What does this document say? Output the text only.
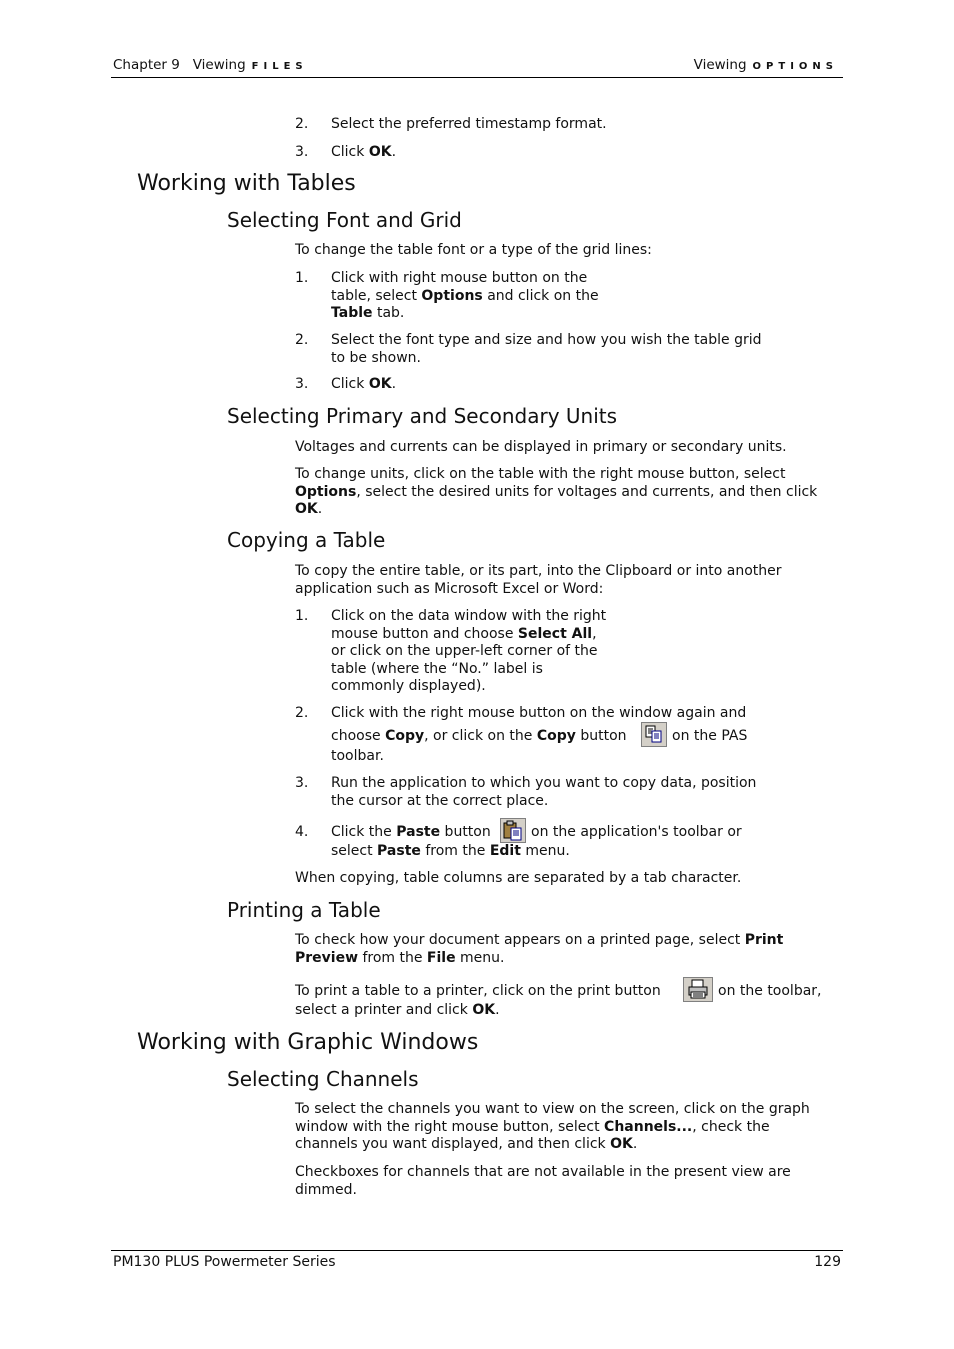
Chapter 9 Viewing FILES	Viewing OPTIONS
2. Select the preferred timestamp format.
3. Click OK.
Working with Tables
Selecting Font and Grid
To change the table font or a type of the grid lines:
1. Click with right mouse button on the
table, select Options and click on the
Table tab.
2. Select the font type and size and how you wish the table grid
to be shown.
3. Click OK.
Selecting Primary and Secondary Units
Voltages and currents can be displayed in primary or secondary units.
To change units, click on the table with the right mouse button, select
Options, select the desired units for voltages and currents, and then click
OK.
Copying a Table
To copy the entire table, or its part, into the Clipboard or into another
application such as Microsoft Excel or Word:
1. Click on the data window with the right
mouse button and choose Select All,
or click on the upper-left corner of the
table (where the “No.” label is
commonly displayed).
2. Click with the right mouse button on the window again and
choose Copy, or click on the Copy button	on the PAS
toolbar.
3. Run the application to which you want to copy data, position
the cursor at the correct place.
4. Click the Paste button	on the application's toolbar or
select Paste from the Edit menu.
When copying, table columns are separated by a tab character.
Printing a Table
To check how your document appears on a printed page, select Print
Preview from the File menu.
To print a table to a printer, click on the print button	on the toolbar,
select a printer and click OK.
Working with Graphic Windows
Selecting Channels
To select the channels you want to view on the screen, click on the graph
window with the right mouse button, select Channels..., check the
channels you want displayed, and then click OK.
Checkboxes for channels that are not available in the present view are
dimmed.
PM130 PLUS Powermeter Series	129
